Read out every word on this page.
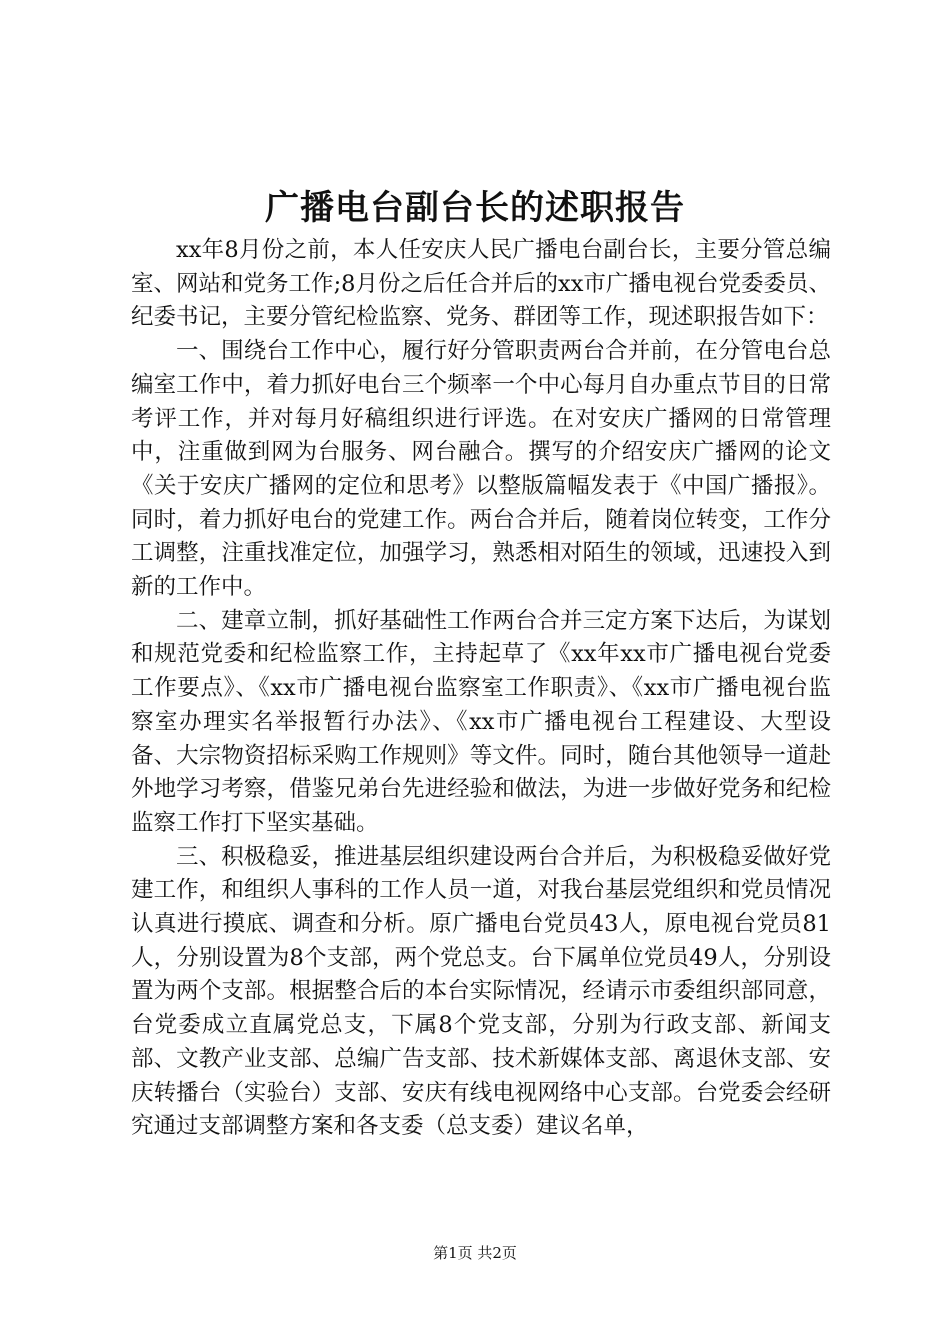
广播电台副台长的述职报告

xx年8月份之前，本人任安庆人民广播电台副台长，主要分管总编室、网站和党务工作;8月份之后任合并后的xx市广播电视台党委委员、纪委书记，主要分管纪检监察、党务、群团等工作，现述职报告如下：

一、围绕台工作中心，履行好分管职责两台合并前，在分管电台总编室工作中，着力抓好电台三个频率一个中心每月自办重点节目的日常考评工作，并对每月好稿组织进行评选。在对安庆广播网的日常管理中，注重做到网为台服务、网台融合。撰写的介绍安庆广播网的论文《关于安庆广播网的定位和思考》以整版篇幅发表于《中国广播报》。同时，着力抓好电台的党建工作。两台合并后，随着岗位转变，工作分工调整，注重找准定位，加强学习，熟悉相对陌生的领域，迅速投入到新的工作中。

二、建章立制，抓好基础性工作两台合并三定方案下达后，为谋划和规范党委和纪检监察工作，主持起草了《xx年xx市广播电视台党委工作要点》、《xx市广播电视台监察室工作职责》、《xx市广播电视台监察室办理实名举报暂行办法》、《xx市广播电视台工程建设、大型设备、大宗物资招标采购工作规则》等文件。同时，随台其他领导一道赴外地学习考察，借鉴兄弟台先进经验和做法，为进一步做好党务和纪检监察工作打下坚实基础。

三、积极稳妥，推进基层组织建设两台合并后，为积极稳妥做好党建工作，和组织人事科的工作人员一道，对我台基层党组织和党员情况认真进行摸底、调查和分析。原广播电台党员43人，原电视台党员81人，分别设置为8个支部，两个党总支。台下属单位党员49人，分别设置为两个支部。根据整合后的本台实际情况，经请示市委组织部同意，台党委成立直属党总支，下属8个党支部，分别为行政支部、新闻支部、文教产业支部、总编广告支部、技术新媒体支部、离退休支部、安庆转播台（实验台）支部、安庆有线电视网络中心支部。台党委会经研究通过支部调整方案和各支委（总支委）建议名单，

第1页 共2页
